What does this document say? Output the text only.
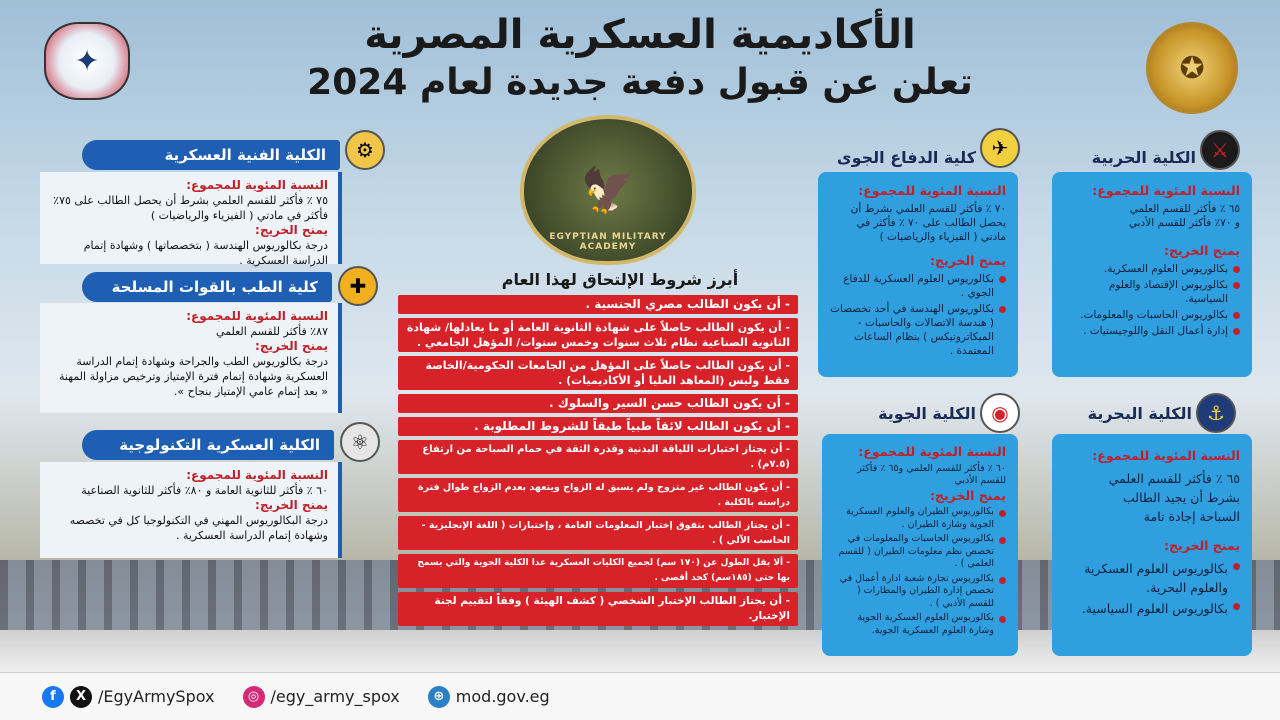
✦	✪
الأكاديمية العسكرية المصرية
تعلن عن قبول دفعة جديدة لعام 2024
🦅
EGYPTIAN MILITARY ACADEMY
⚙
الكلية الفنية العسكرية
النسبة المئوية للمجموع:
٧٥ ٪ فأكثر للقسم العلمي بشرط أن يحصل الطالب على ٧٥٪ فأكثر في مادتي ( الفيزياء والرياضيات )
يمنح الخريج:
درجة بكالوريوس الهندسة ( بتخصصاتها ) وشهادة إتمام الدراسة العسكرية .
✚
كلية الطب بالقوات المسلحة
النسبة المئوية للمجموع:
٨٧٪ فأكثر للقسم العلمي
يمنح الخريج:
درجة بكالوريوس الطب والجراحة وشهادة إتمام الدراسة العسكرية وشهادة إتمام فترة الإمتياز وترخيص مزاولة المهنة « بعد إتمام عامي الإمتياز بنجاح ».
⚛
الكلية العسكرية التكنولوجية
النسبة المئوية للمجموع:
٦٠ ٪ فأكثر للثانوية العامة و ٨٠٪ فأكثر للثانوية الصناعية
يمنح الخريج:
درجة البكالوريوس المهني في التكنولوجيا كل في تخصصه وشهادة إتمام الدراسة العسكرية .
أبرز شروط الإلتحاق لهذا العام
- أن يكون الطالب مصري الجنسية .
- أن يكون الطالب حاصلاً على شهادة الثانوية العامة أو ما يعادلها/ شهادة الثانوية الصناعية نظام ثلاث سنوات وخمس سنوات/ المؤهل الجامعي .
- أن يكون الطالب حاصلاً على المؤهل من الجامعات الحكومية/الخاصة فقط وليس (المعاهد العليا أو الأكاديميات) .
- أن يكون الطالب حسن السير والسلوك .
- أن يكون الطالب لائقاً طبياً طبقاً للشروط المطلوبة .
- أن يجتاز اختبارات اللياقة البدنية وقدرة الثقة في حمام السباحة من ارتفاع (٧.٥م) .
- أن يكون الطالب غير متزوج ولم يسبق له الزواج ويتعهد بعدم الزواج طوال فترة دراسته بالكلية .
- أن يجتاز الطالب بتفوق إختبار المعلومات العامة ، وإختبارات ( اللغة الإنجليزية - الحاسب الآلي ) .
- ألا يقل الطول عن (١٧٠ سم) لجميع الكليات العسكرية عدا الكلية الجوية والتي يسمح بها حتى (١٨٥سم) كحد أقصى .
- أن يجتاز الطالب الإختبار الشخصي ( كشف الهيئة ) وفقاً لتقييم لجنة الإختبار.
⚔
الكلية الحربية
النسبة المئوية للمجموع:
٦٥ ٪ فأكثر للقسم العلمي
و ٧٠٪ فأكثر للقسم الأدبي
يمنح الخريج:
بكالوريوس العلوم العسكرية.
بكالوريوس الإقتصاد والعلوم السياسية.
بكالوريوس الحاسبات والمعلومات.
إدارة أعمال النقل واللوجيستيات .
✈
كلية الدفاع الجوى
النسبة المئوية للمجموع:
٧٠ ٪ فأكثر للقسم العلمي بشرط أن يحصل الطالب على ٧٠ ٪ فأكثر في مادتي ( الفيزياء والرياضيات )
يمنح الخريج:
بكالوريوس العلوم العسكرية للدفاع الجوي .
بكالوريوس الهندسة في أحد تخصصات ( هندسة الاتصالات والحاسبات - الميكاترونيكس ) بنظام الساعات المعتمدة .
◉
الكلية الجوية
النسبة المئوية للمجموع:
٦٠ ٪ فأكثر للقسم العلمي و٦٥ ٪ فأكثر للقسم الأدبي
يمنح الخريج:
بكالوريوس الطيران والعلوم العسكرية الجوية وشارة الطيران .
بكالوريوس الحاسبات والمعلومات في تخصص نظم معلومات الطيران ( للقسم العلمي ) .
بكالوريوس تجارة شعبة ادارة أعمال في تخصص إدارة الطيران والمطارات ( للقسم الأدبي ) .
بكالوريوس العلوم العسكرية الجوية وشارة العلوم العسكرية الجوية.
⚓
الكلية البحرية
النسبة المئوية للمجموع:
٦٥ ٪ فأكثر للقسم العلمي
بشرط أن يجيد الطالب
السباحة إجادة تامة
يمنح الخريج:
بكالوريوس العلوم العسكرية والعلوم البحرية.
بكالوريوس العلوم السياسية.
f	X /EgyArmySpox	◎ /egy_army_spox	⊕ mod.gov.eg
